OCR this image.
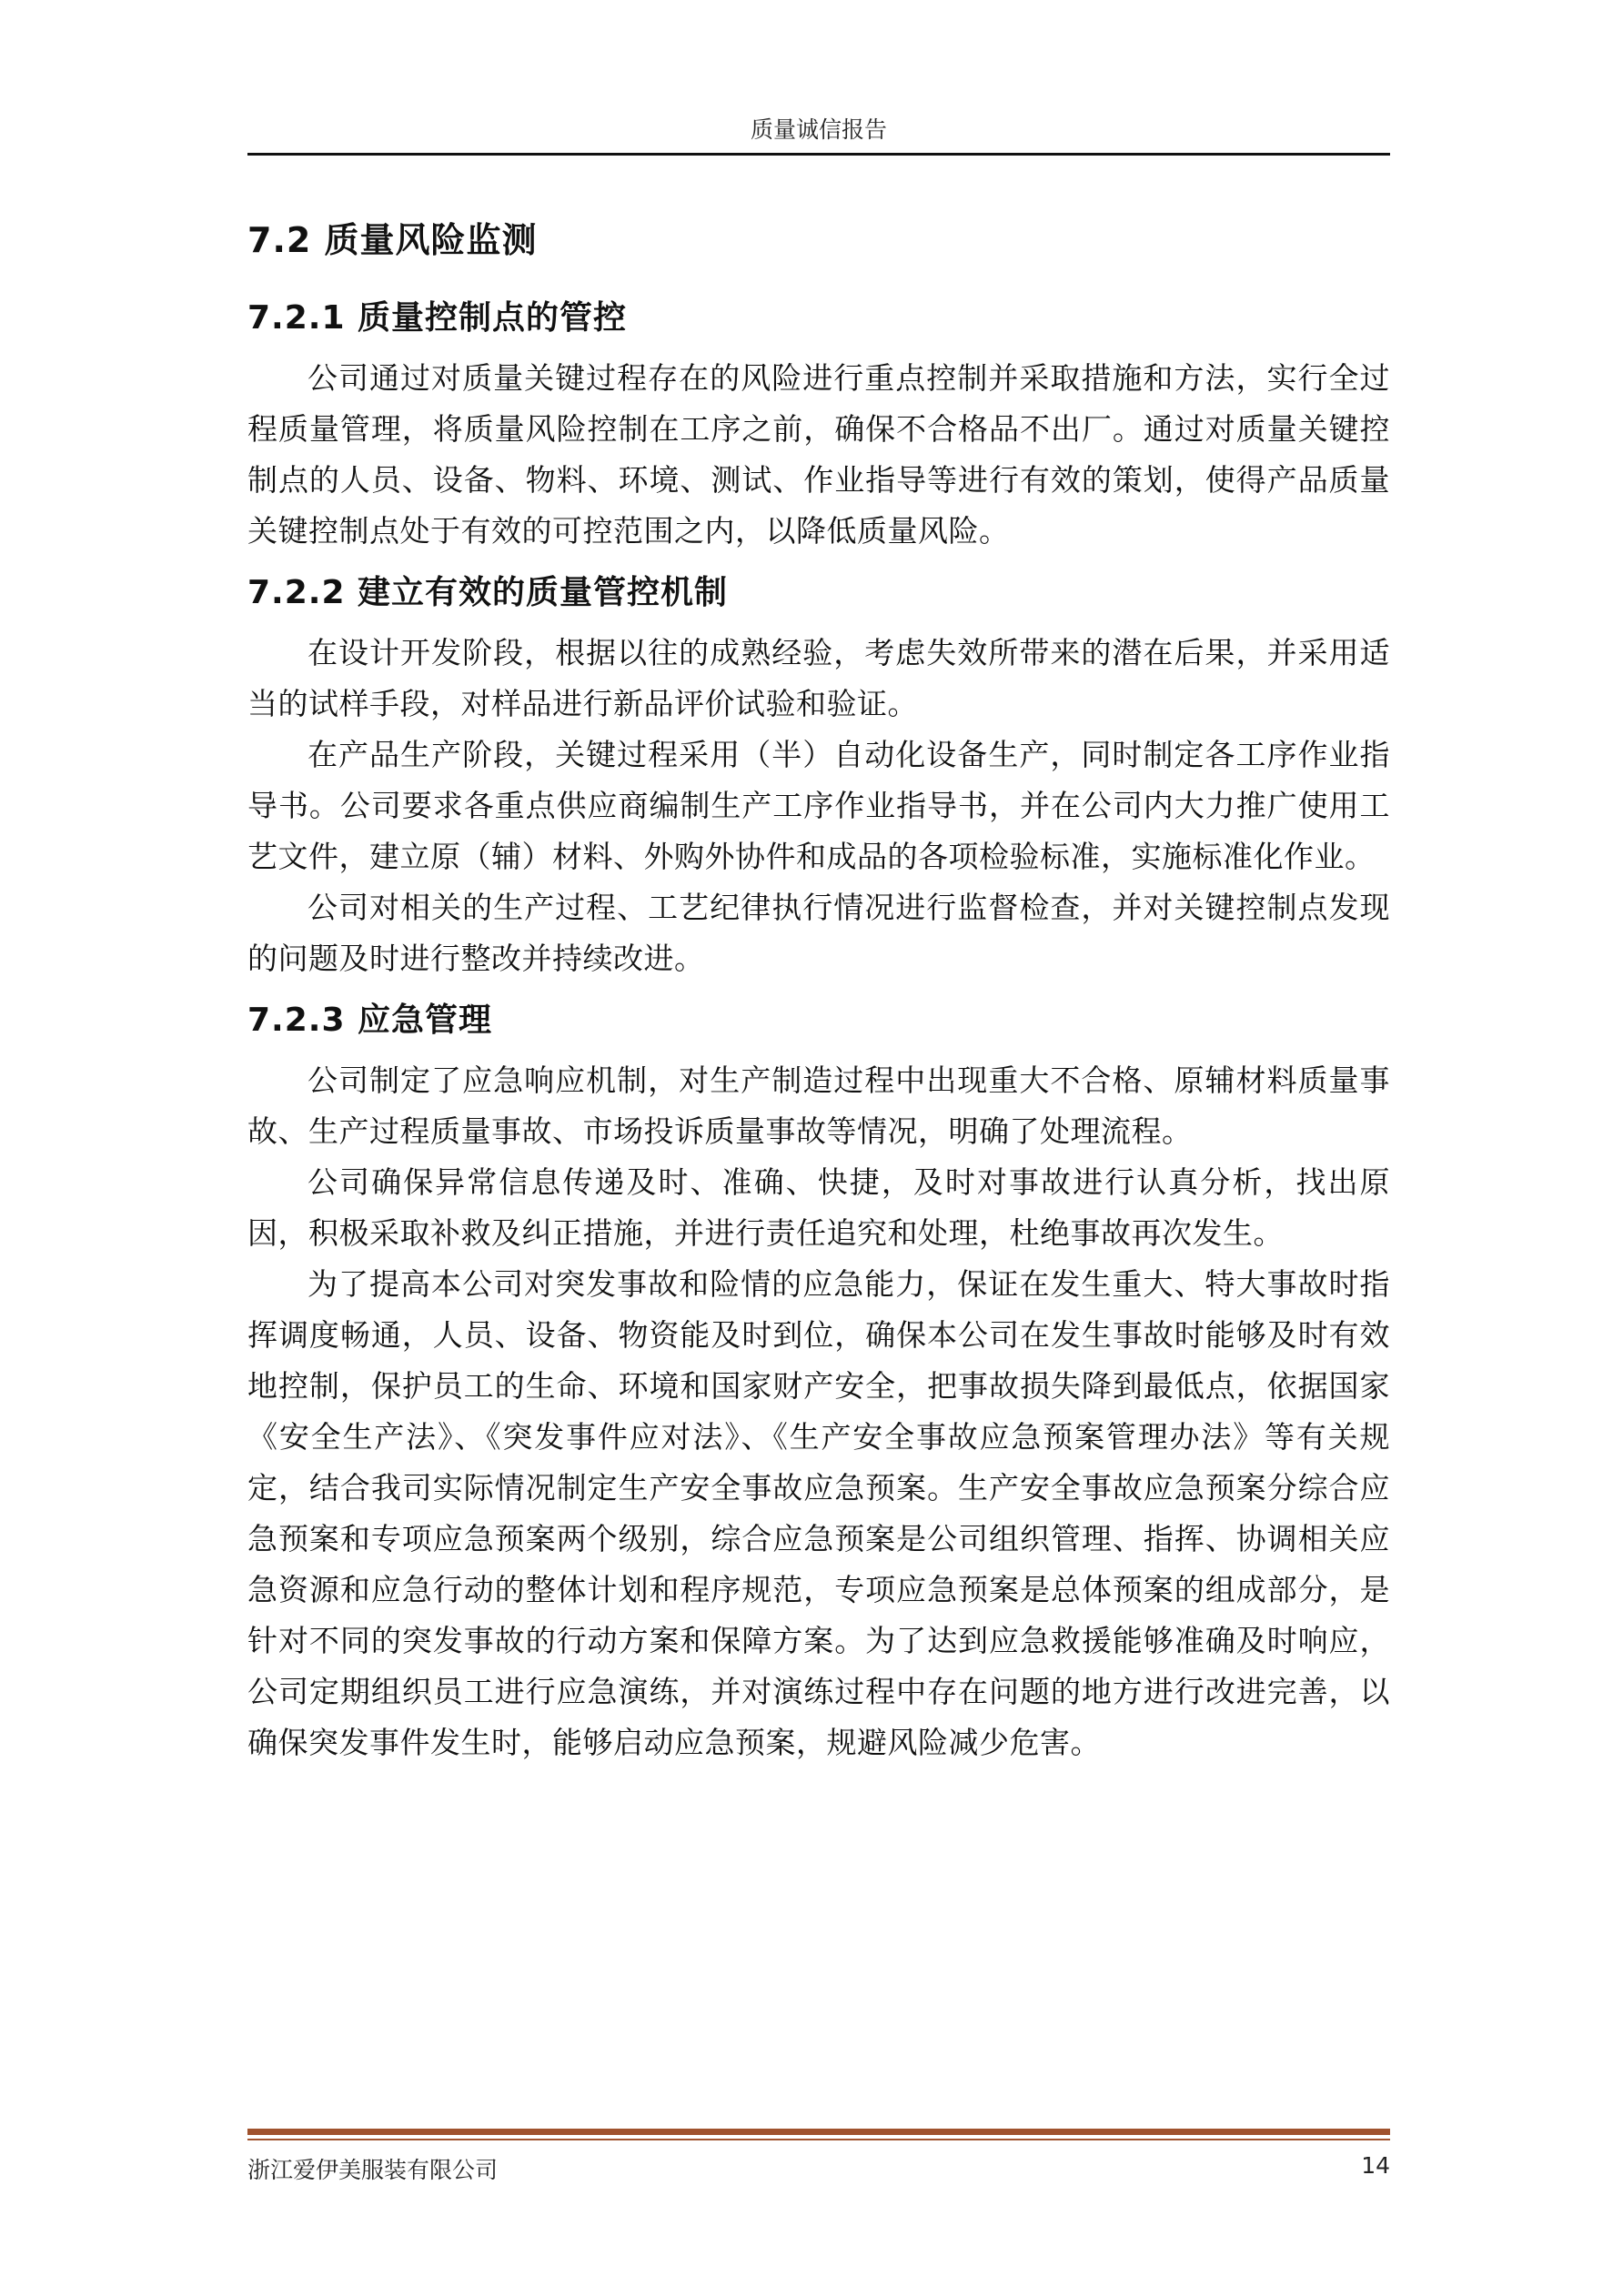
质量诚信报告
7.2 质量风险监测
7.2.1 质量控制点的管控

公司通过对质量关键过程存在的风险进行重点控制并采取措施和方法，实行全过程质量管理，将质量风险控制在工序之前，确保不合格品不出厂。通过对质量关键控制点的人员、设备、物料、环境、测试、作业指导等进行有效的策划，使得产品质量关键控制点处于有效的可控范围之内，以降低质量风险。

7.2.2 建立有效的质量管控机制

在设计开发阶段，根据以往的成熟经验，考虑失效所带来的潜在后果，并采用适当的试样手段，对样品进行新品评价试验和验证。

在产品生产阶段，关键过程采用（半）自动化设备生产，同时制定各工序作业指导书。公司要求各重点供应商编制生产工序作业指导书，并在公司内大力推广使用工艺文件，建立原（辅）材料、外购外协件和成品的各项检验标准，实施标准化作业。

公司对相关的生产过程、工艺纪律执行情况进行监督检查，并对关键控制点发现的问题及时进行整改并持续改进。

7.2.3 应急管理

公司制定了应急响应机制，对生产制造过程中出现重大不合格、原辅材料质量事故、生产过程质量事故、市场投诉质量事故等情况，明确了处理流程。

公司确保异常信息传递及时、准确、快捷，及时对事故进行认真分析，找出原因，积极采取补救及纠正措施，并进行责任追究和处理，杜绝事故再次发生。

为了提高本公司对突发事故和险情的应急能力，保证在发生重大、特大事故时指挥调度畅通，人员、设备、物资能及时到位，确保本公司在发生事故时能够及时有效地控制，保护员工的生命、环境和国家财产安全，把事故损失降到最低点，依据国家《安全生产法》、《突发事件应对法》、《生产安全事故应急预案管理办法》等有关规定，结合我司实际情况制定生产安全事故应急预案。生产安全事故应急预案分综合应急预案和专项应急预案两个级别，综合应急预案是公司组织管理、指挥、协调相关应急资源和应急行动的整体计划和程序规范，专项应急预案是总体预案的组成部分，是针对不同的突发事故的行动方案和保障方案。为了达到应急救援能够准确及时响应，公司定期组织员工进行应急演练，并对演练过程中存在问题的地方进行改进完善，以确保突发事件发生时，能够启动应急预案，规避风险减少危害。

浙江爱伊美服装有限公司	14
